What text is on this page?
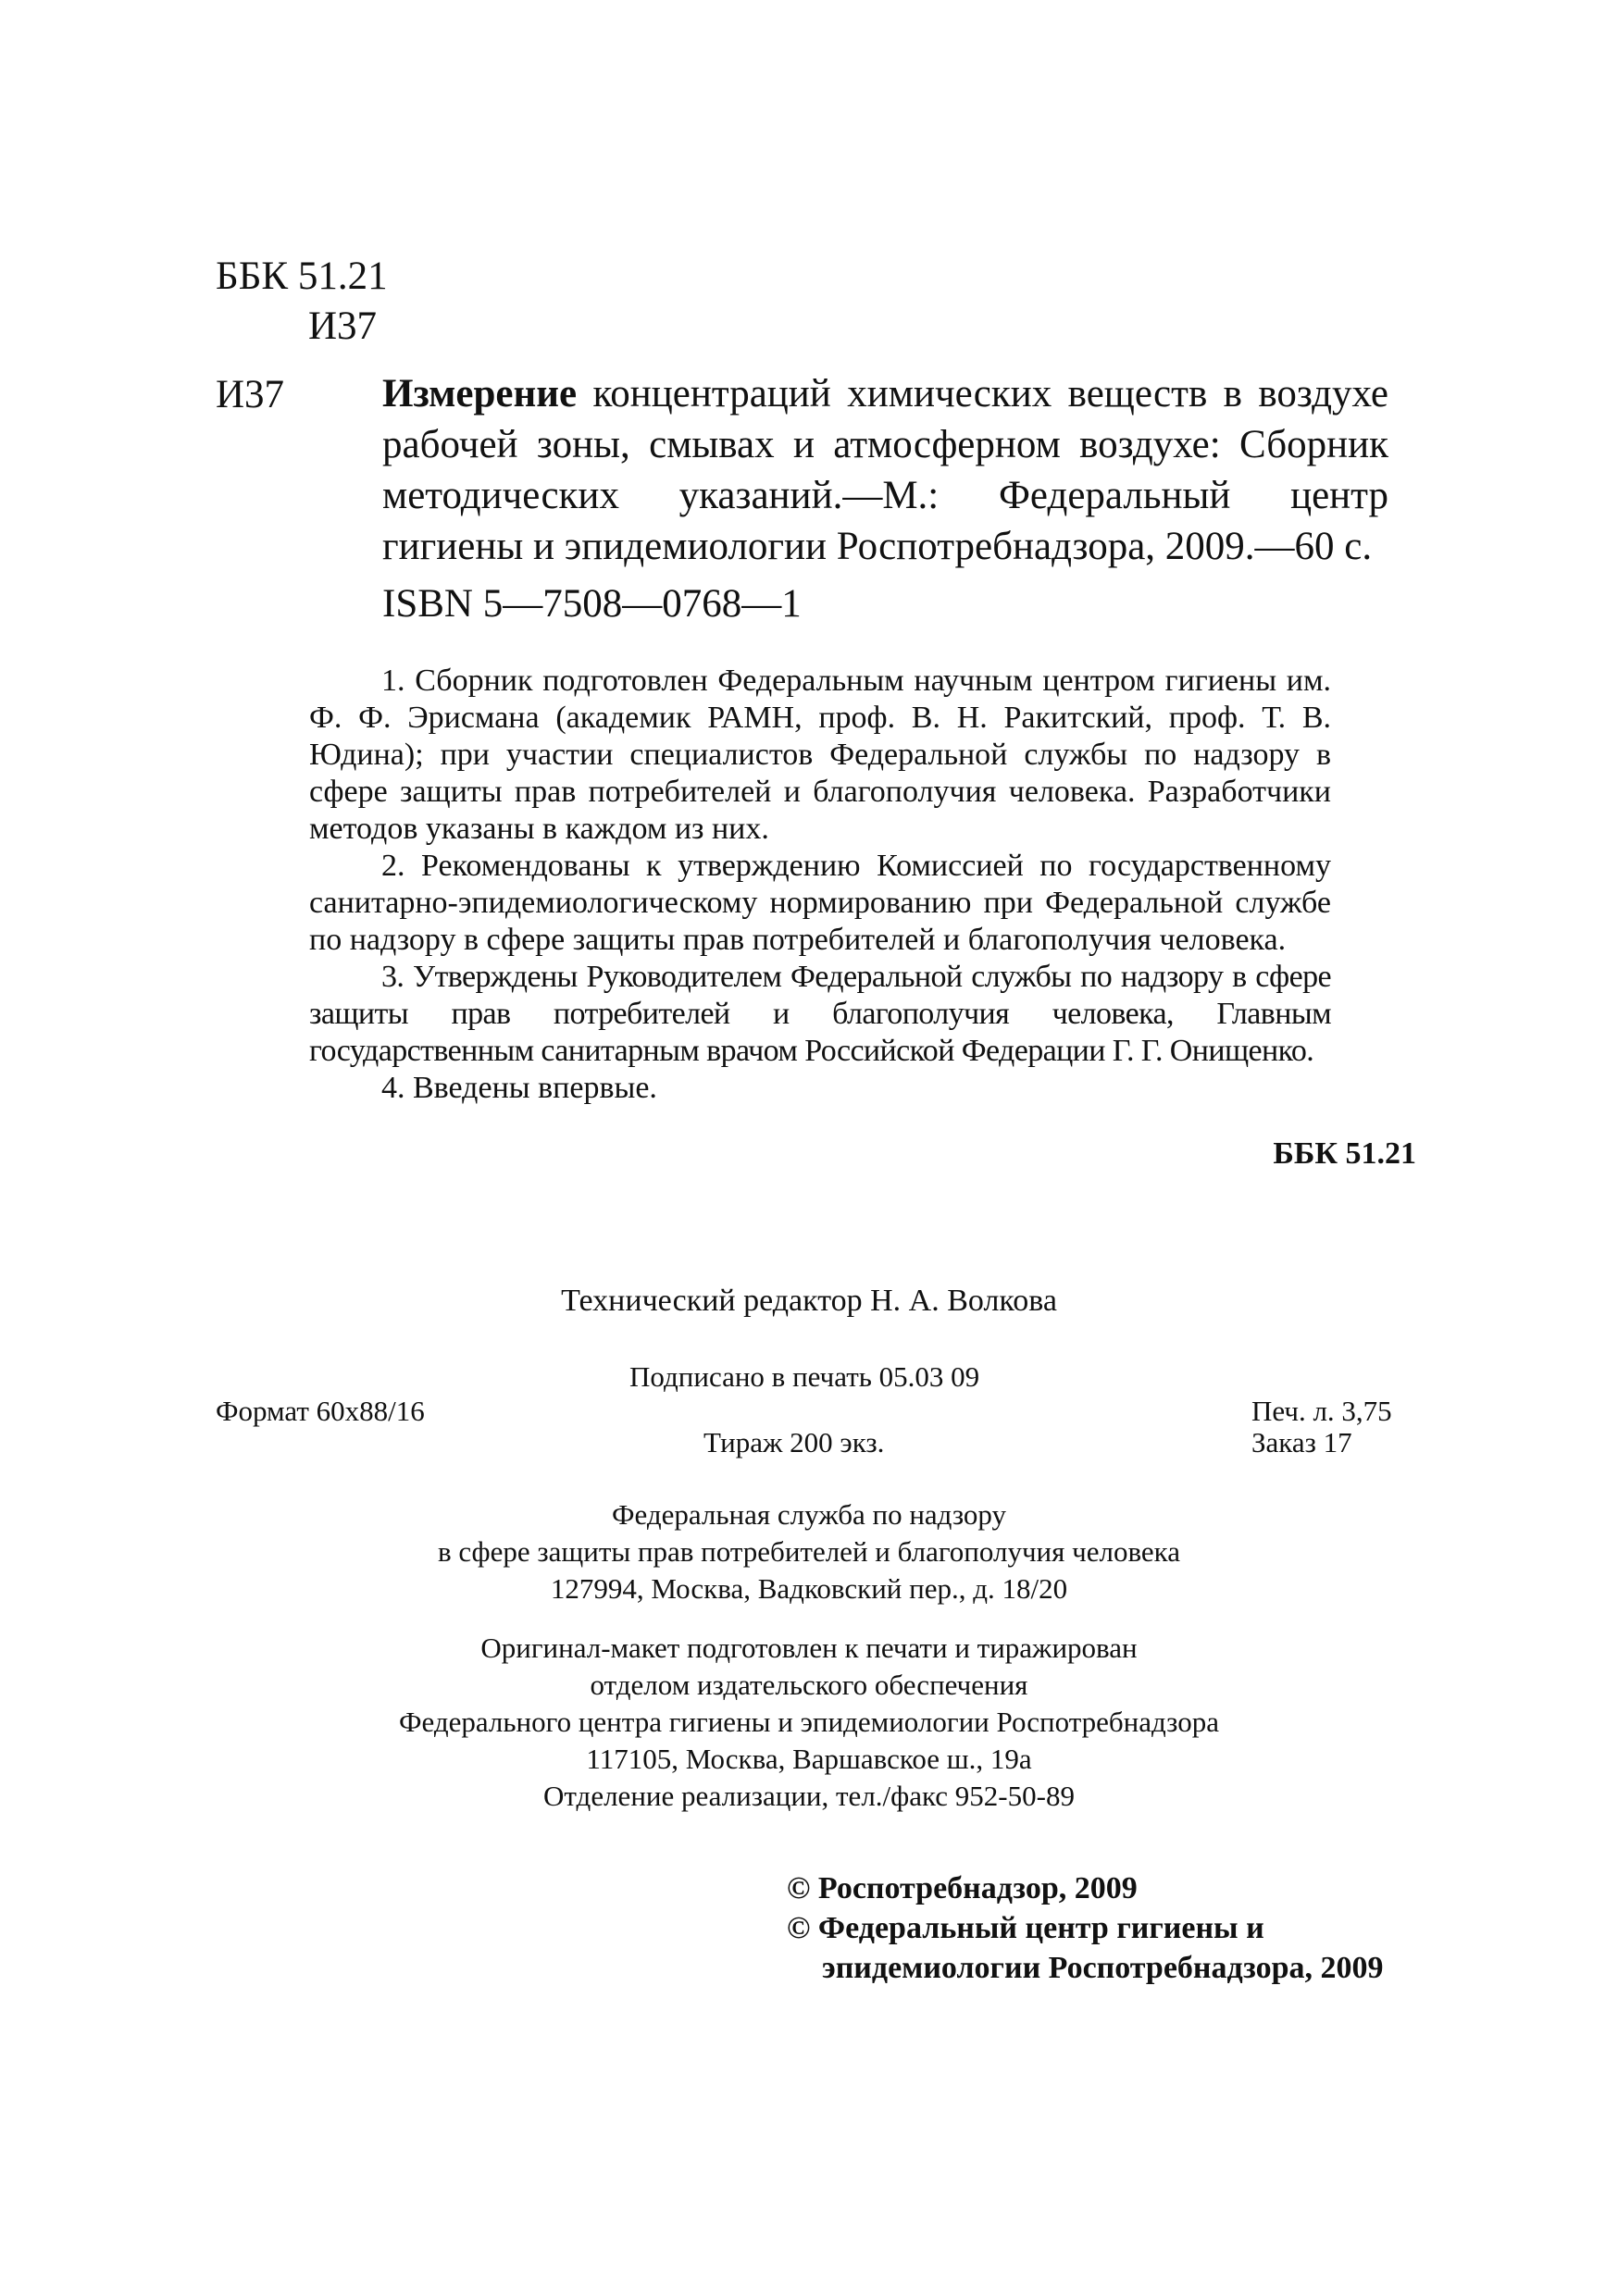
ББК 51.21
И37
И37 Измерение концентраций химических веществ в воздухе рабочей зоны, смывах и атмосферном воздухе: Сборник методических указаний.—М.: Федеральный центр гигиены и эпидемиологии Роспотребнадзора, 2009.—60 с.
ISBN 5—7508—0768—1

1. Сборник подготовлен Федеральным научным центром гигиены им. Ф. Ф. Эрисмана (академик РАМН, проф. В. Н. Ракитский, проф. Т. В. Юдина); при участии специалистов Федеральной службы по надзору в сфере защиты прав потребителей и благополучия человека. Разработчики методов указаны в каждом из них.

2. Рекомендованы к утверждению Комиссией по государственному санитарно-эпидемиологическому нормированию при Федеральной службе по надзору в сфере защиты прав потребителей и благополучия человека.

3. Утверждены Руководителем Федеральной службы по надзору в сфере защиты прав потребителей и благополучия человека, Главным государственным санитарным врачом Российской Федерации Г. Г. Онищенко.

4. Введены впервые.

ББК 51.21
Технический редактор Н. А. Волкова
Подписано в печать 05.03 09
Формат 60x88/16	Печ. л. 3,75
Тираж 200 экз.	Заказ 17
Федеральная служба по надзору
в сфере защиты прав потребителей и благополучия человека
127994, Москва, Вадковский пер., д. 18/20
Оригинал-макет подготовлен к печати и тиражирован
отделом издательского обеспечения
Федерального центра гигиены и эпидемиологии Роспотребнадзора
117105, Москва, Варшавское ш., 19а
Отделение реализации, тел./факс 952-50-89
© Роспотребнадзор, 2009
© Федеральный центр гигиены и
эпидемиологии Роспотребнадзора, 2009
